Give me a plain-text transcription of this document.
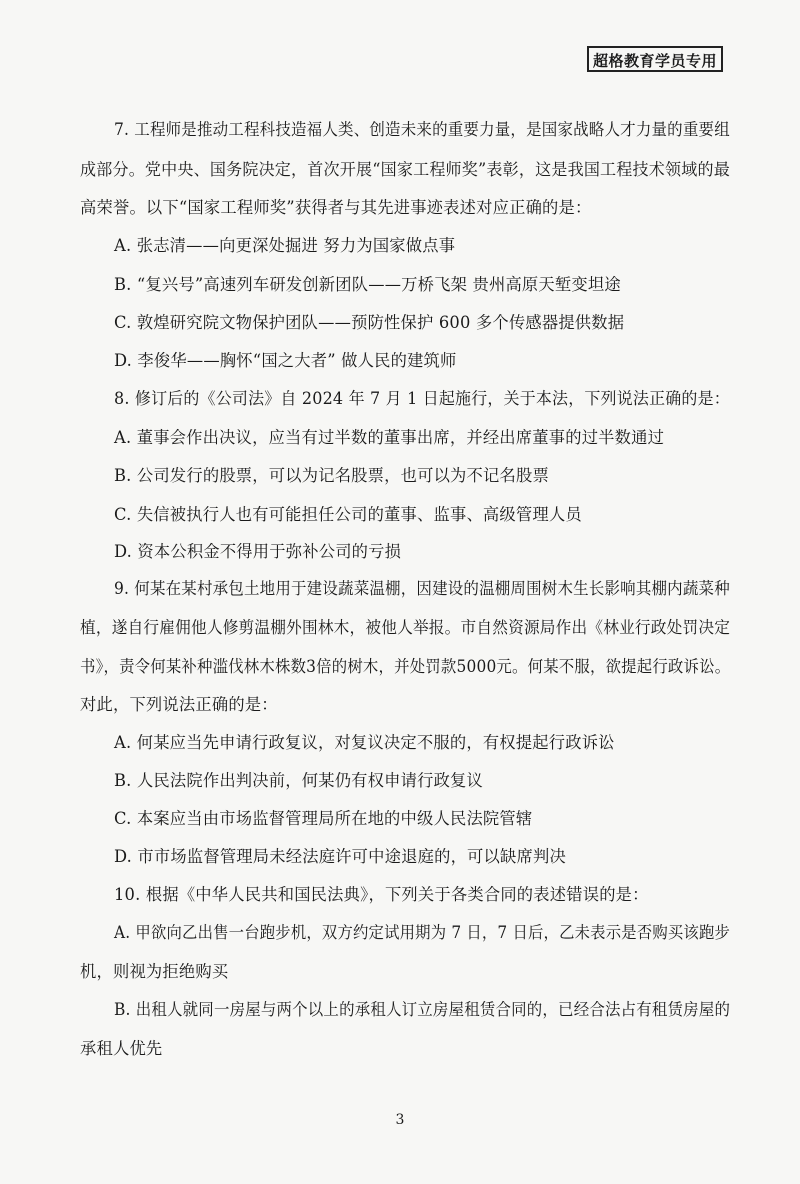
超格教育学员专用
7. 工程师是推动工程科技造福人类、创造未来的重要力量，是国家战略人才力量的重要组
成部分。党中央、国务院决定，首次开展“国家工程师奖”表彰，这是我国工程技术领域的最
高荣誉。以下“国家工程师奖”获得者与其先进事迹表述对应正确的是：
A. 张志清——向更深处掘进 努力为国家做点事
B. “复兴号”高速列车研发创新团队——万桥飞架 贵州高原天堑变坦途
C. 敦煌研究院文物保护团队——预防性保护 600 多个传感器提供数据
D. 李俊华——胸怀“国之大者” 做人民的建筑师
8. 修订后的《公司法》自 2024 年 7 月 1 日起施行，关于本法，下列说法正确的是：
A. 董事会作出决议，应当有过半数的董事出席，并经出席董事的过半数通过
B. 公司发行的股票，可以为记名股票，也可以为不记名股票
C. 失信被执行人也有可能担任公司的董事、监事、高级管理人员
D. 资本公积金不得用于弥补公司的亏损
9. 何某在某村承包土地用于建设蔬菜温棚，因建设的温棚周围树木生长影响其棚内蔬菜种
植，遂自行雇佣他人修剪温棚外围林木，被他人举报。市自然资源局作出《林业行政处罚决定
书》，责令何某补种滥伐林木株数3倍的树木，并处罚款5000元。何某不服，欲提起行政诉讼。
对此，下列说法正确的是：
A. 何某应当先申请行政复议，对复议决定不服的，有权提起行政诉讼
B. 人民法院作出判决前，何某仍有权申请行政复议
C. 本案应当由市场监督管理局所在地的中级人民法院管辖
D. 市市场监督管理局未经法庭许可中途退庭的，可以缺席判决
10. 根据《中华人民共和国民法典》，下列关于各类合同的表述错误的是：
A. 甲欲向乙出售一台跑步机，双方约定试用期为 7 日，7 日后，乙未表示是否购买该跑步
机，则视为拒绝购买
B. 出租人就同一房屋与两个以上的承租人订立房屋租赁合同的，已经合法占有租赁房屋的
承租人优先
3
